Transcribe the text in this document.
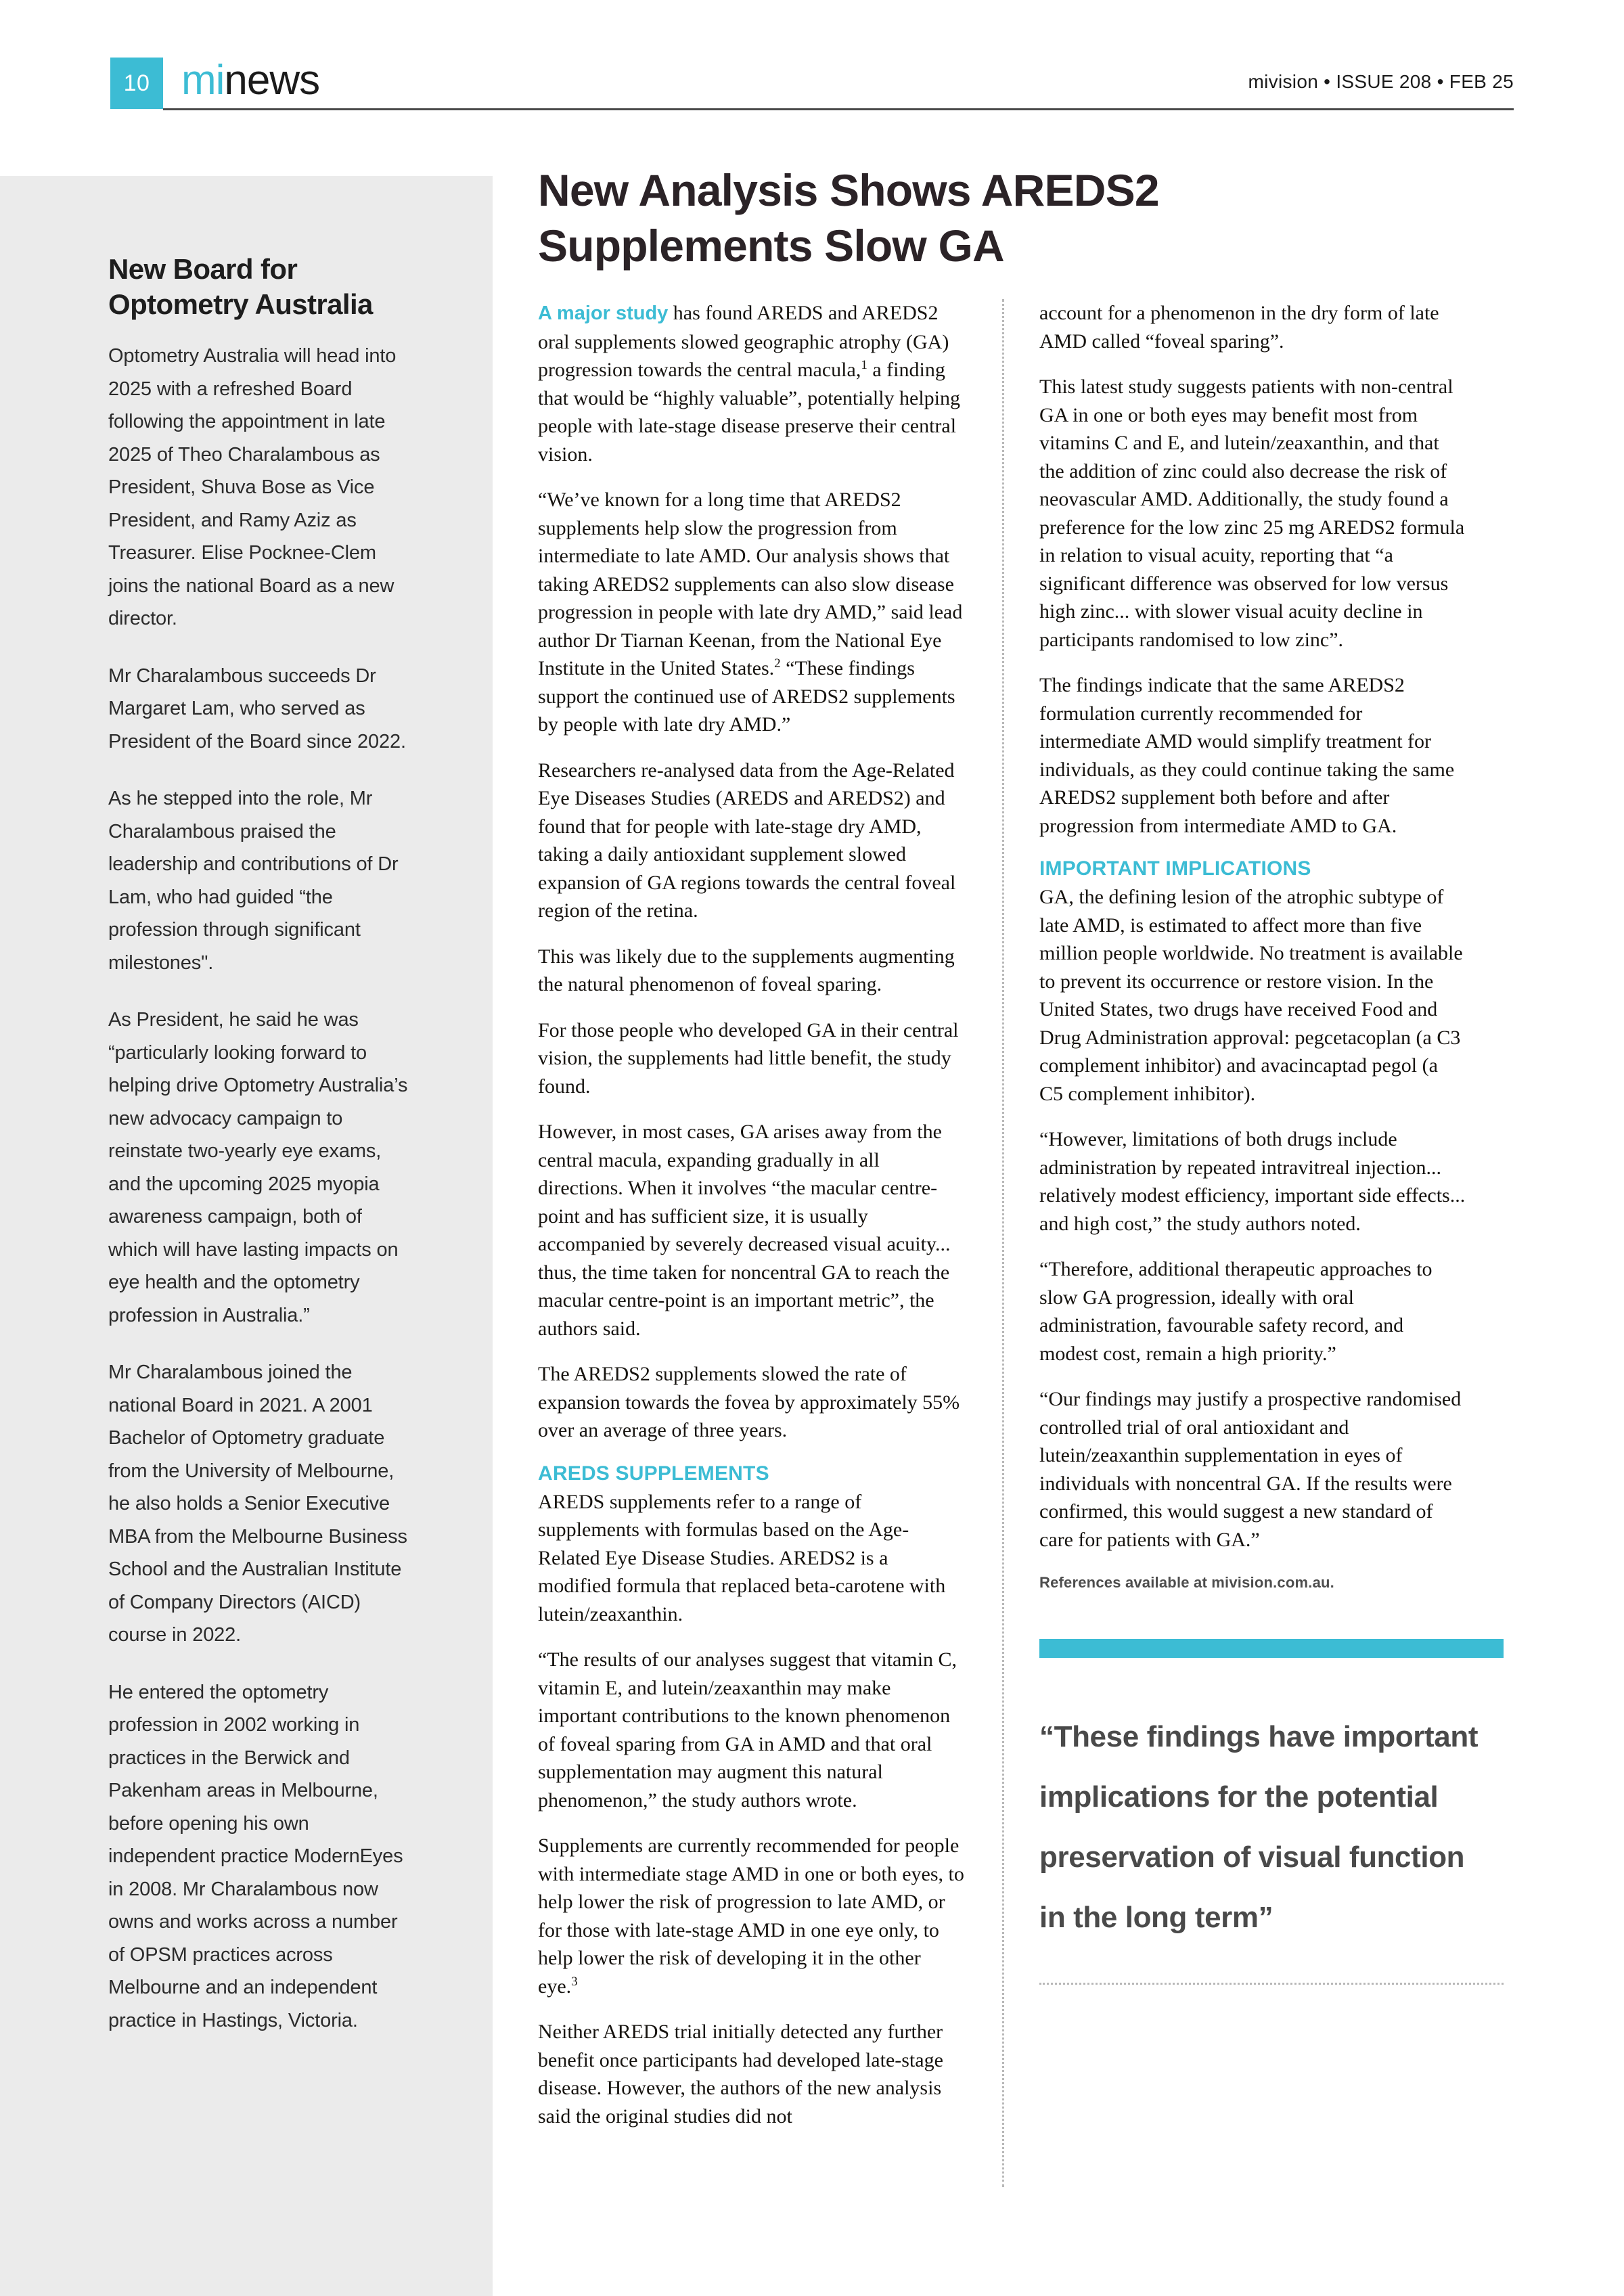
10 minews	mivision • ISSUE 208 • FEB 25
New Board for Optometry Australia

Optometry Australia will head into 2025 with a refreshed Board following the appointment in late 2025 of Theo Charalambous as President, Shuva Bose as Vice President, and Ramy Aziz as Treasurer. Elise Pocknee-Clem joins the national Board as a new director.

Mr Charalambous succeeds Dr Margaret Lam, who served as President of the Board since 2022.

As he stepped into the role, Mr Charalambous praised the leadership and contributions of Dr Lam, who had guided “the profession through significant milestones".

As President, he said he was “particularly looking forward to helping drive Optometry Australia’s new advocacy campaign to reinstate two-yearly eye exams, and the upcoming 2025 myopia awareness campaign, both of which will have lasting impacts on eye health and the optometry profession in Australia.”

Mr Charalambous joined the national Board in 2021. A 2001 Bachelor of Optometry graduate from the University of Melbourne, he also holds a Senior Executive MBA from the Melbourne Business School and the Australian Institute of Company Directors (AICD) course in 2022.

He entered the optometry profession in 2002 working in practices in the Berwick and Pakenham areas in Melbourne, before opening his own independent practice ModernEyes in 2008. Mr Charalambous now owns and works across a number of OPSM practices across Melbourne and an independent practice in Hastings, Victoria.

New Analysis Shows AREDS2 Supplements Slow GA

A major study has found AREDS and AREDS2 oral supplements slowed geographic atrophy (GA) progression towards the central macula,$^1$ a finding that would be “highly valuable”, potentially helping people with late-stage disease preserve their central vision.

“We’ve known for a long time that AREDS2 supplements help slow the progression from intermediate to late AMD. Our analysis shows that taking AREDS2 supplements can also slow disease progression in people with late dry AMD,” said lead author Dr Tiarnan Keenan, from the National Eye Institute in the United States.$^2$ “These findings support the continued use of AREDS2 supplements by people with late dry AMD.”

Researchers re-analysed data from the Age-Related Eye Diseases Studies (AREDS and AREDS2) and found that for people with late-stage dry AMD, taking a daily antioxidant supplement slowed expansion of GA regions towards the central foveal region of the retina.

This was likely due to the supplements augmenting the natural phenomenon of foveal sparing.

For those people who developed GA in their central vision, the supplements had little benefit, the study found.

However, in most cases, GA arises away from the central macula, expanding gradually in all directions. When it involves “the macular centre-point and has sufficient size, it is usually accompanied by severely decreased visual acuity... thus, the time taken for noncentral GA to reach the macular centre-point is an important metric”, the authors said.

The AREDS2 supplements slowed the rate of expansion towards the fovea by approximately 55% over an average of three years.

AREDS SUPPLEMENTS

AREDS supplements refer to a range of supplements with formulas based on the Age-Related Eye Disease Studies. AREDS2 is a modified formula that replaced beta-carotene with lutein/zeaxanthin.

“The results of our analyses suggest that vitamin C, vitamin E, and lutein/zeaxanthin may make important contributions to the known phenomenon of foveal sparing from GA in AMD and that oral supplementation may augment this natural phenomenon,” the study authors wrote.

Supplements are currently recommended for people with intermediate stage AMD in one or both eyes, to help lower the risk of progression to late AMD, or for those with late-stage AMD in one eye only, to help lower the risk of developing it in the other eye.$^3$

Neither AREDS trial initially detected any further benefit once participants had developed late-stage disease. However, the authors of the new analysis said the original studies did not

account for a phenomenon in the dry form of late AMD called “foveal sparing”.

This latest study suggests patients with non-central GA in one or both eyes may benefit most from vitamins C and E, and lutein/zeaxanthin, and that the addition of zinc could also decrease the risk of neovascular AMD. Additionally, the study found a preference for the low zinc 25 mg AREDS2 formula in relation to visual acuity, reporting that “a significant difference was observed for low versus high zinc... with slower visual acuity decline in participants randomised to low zinc”.

The findings indicate that the same AREDS2 formulation currently recommended for intermediate AMD would simplify treatment for individuals, as they could continue taking the same AREDS2 supplement both before and after progression from intermediate AMD to GA.

IMPORTANT IMPLICATIONS

GA, the defining lesion of the atrophic subtype of late AMD, is estimated to affect more than five million people worldwide. No treatment is available to prevent its occurrence or restore vision. In the United States, two drugs have received Food and Drug Administration approval: pegcetacoplan (a C3 complement inhibitor) and avacincaptad pegol (a C5 complement inhibitor).

“However, limitations of both drugs include administration by repeated intravitreal injection... relatively modest efficiency, important side effects... and high cost,” the study authors noted.

“Therefore, additional therapeutic approaches to slow GA progression, ideally with oral administration, favourable safety record, and modest cost, remain a high priority.”

“Our findings may justify a prospective randomised controlled trial of oral antioxidant and lutein/zeaxanthin supplementation in eyes of individuals with noncentral GA. If the results were confirmed, this would suggest a new standard of care for patients with GA.”

References available at mivision.com.au.
“These findings have important implications for the potential preservation of visual function in the long term”
